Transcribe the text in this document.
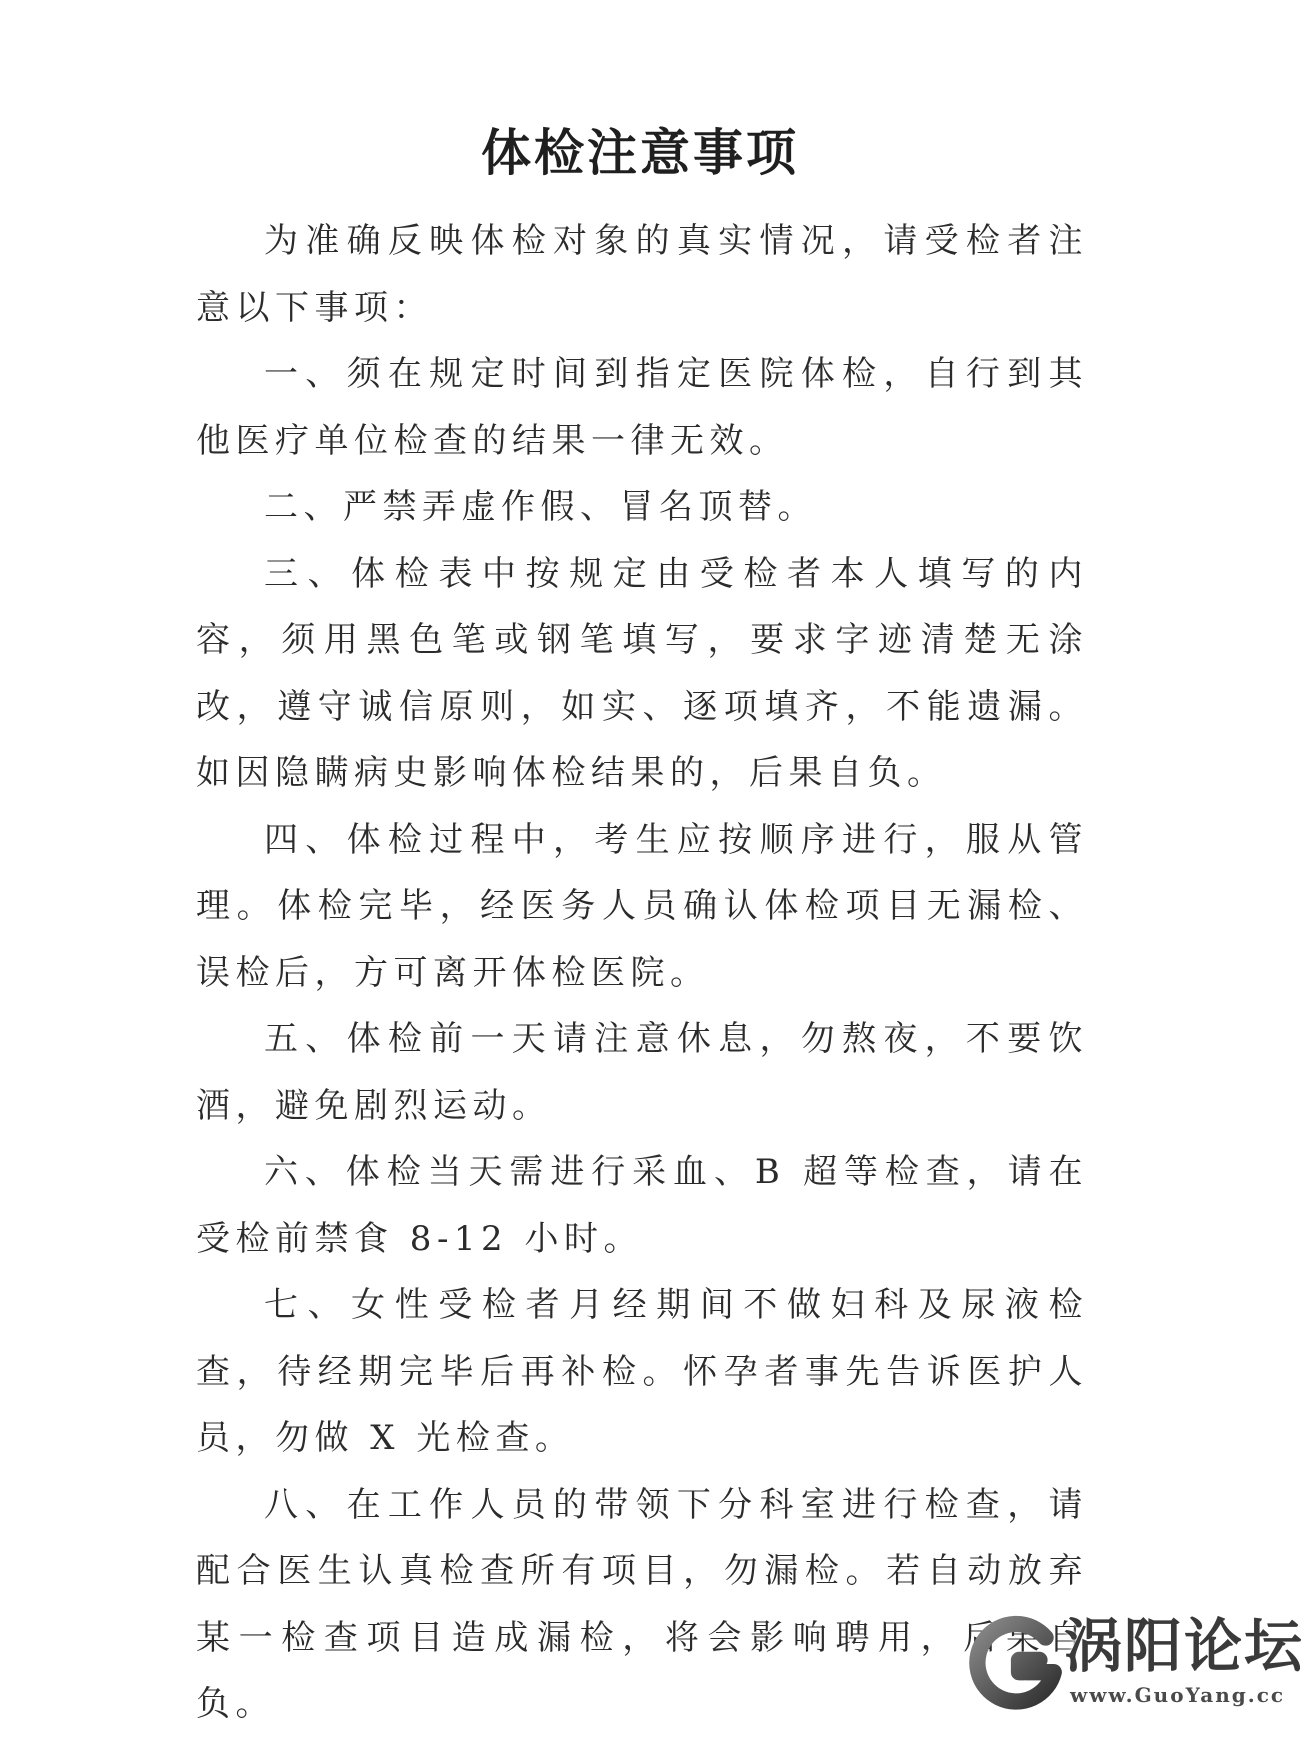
体检注意事项

为准确反映体检对象的真实情况，请受检者注意以下事项：

一、须在规定时间到指定医院体检，自行到其他医疗单位检查的结果一律无效。

二、严禁弄虚作假、冒名顶替。

三、体检表中按规定由受检者本人填写的内容，须用黑色笔或钢笔填写，要求字迹清楚无涂改，遵守诚信原则，如实、逐项填齐，不能遗漏。如因隐瞒病史影响体检结果的，后果自负。

四、体检过程中，考生应按顺序进行，服从管理。体检完毕，经医务人员确认体检项目无漏检、误检后，方可离开体检医院。

五、体检前一天请注意休息，勿熬夜，不要饮酒，避免剧烈运动。

六、体检当天需进行采血、B 超等检查，请在受检前禁食 8-12 小时。

七、女性受检者月经期间不做妇科及尿液检查，待经期完毕后再补检。怀孕者事先告诉医护人员，勿做 X 光检查。

八、在工作人员的带领下分科室进行检查，请配合医生认真检查所有项目，勿漏检。若自动放弃某一检查项目造成漏检，将会影响聘用，后果自负。

涡阳论坛
www.GuoYang.cc
